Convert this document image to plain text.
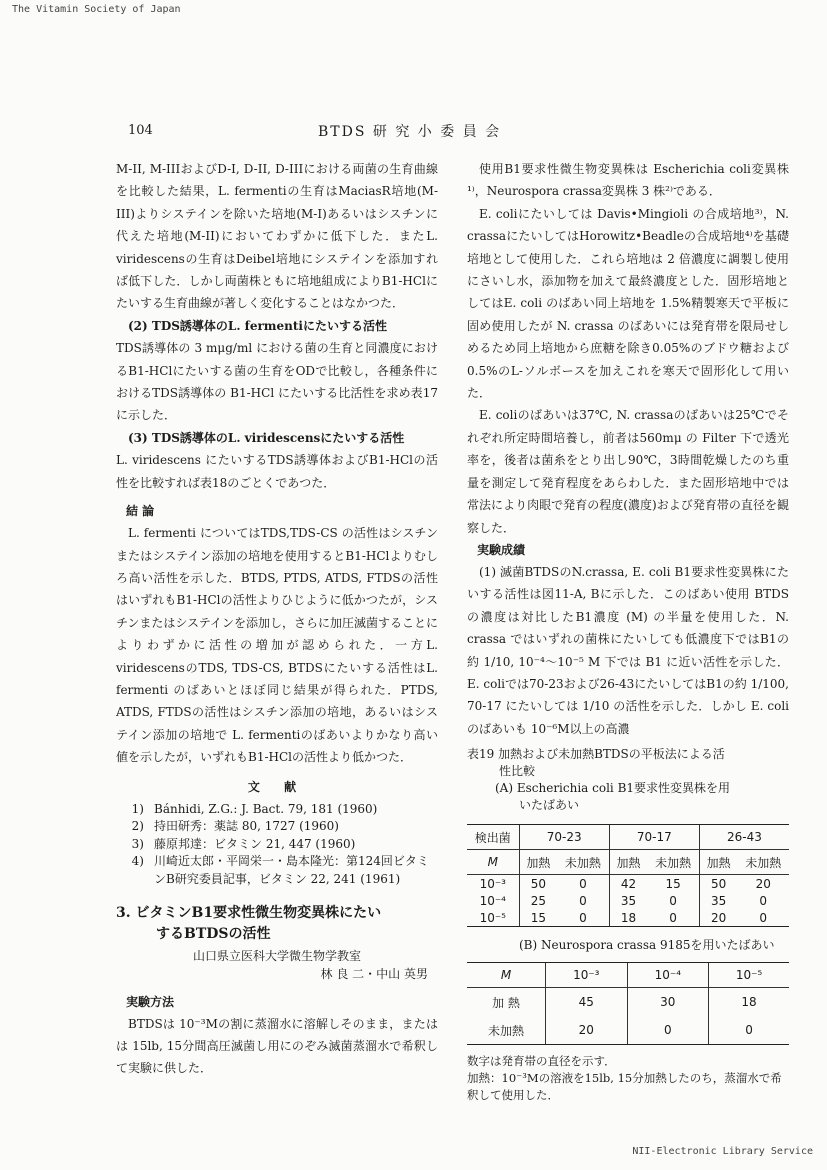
The Vitamin Society of Japan
104	BTDS 研 究 小 委 員 会

M-II, M-IIIおよびD-I, D-II, D-IIIにおける両菌の生育曲線を比較した結果，L. fermentiの生育はMaciasR培地(M-III)よりシステインを除いた培地(M-I)あるいはシスチンに代えた培地(M-II)においてわずかに低下した．またL. viridescensの生育はDeibel培地にシステインを添加すれば低下した．しかし両菌株ともに培地組成によりB1-HClにたいする生育曲線が著しく変化することはなかつた．

(2) TDS誘導体のL. fermentiにたいする活性

TDS誘導体の 3 mμg/ml における菌の生育と同濃度におけるB1-HClにたいする菌の生育をODで比較し，各種条件におけるTDS誘導体の B1-HCl にたいする比活性を求め表17に示した．

(3) TDS誘導体のL. viridescensにたいする活性

L. viridescens にたいするTDS誘導体およびB1-HClの活性を比較すれば表18のごとくであつた．

結 論

L. fermenti についてはTDS,TDS-CS の活性はシスチンまたはシステイン添加の培地を使用するとB1-HClよりむしろ高い活性を示した．BTDS, PTDS, ATDS, FTDSの活性はいずれもB1-HClの活性よりひじように低かつたが，シスチンまたはシステインを添加し，さらに加圧滅菌することによりわずかに活性の増加が認められた．一方L. viridescensのTDS, TDS-CS, BTDSにたいする活性はL. fermenti のばあいとほぼ同じ結果が得られた．PTDS, ATDS, FTDSの活性はシスチン添加の培地，あるいはシステイン添加の培地で L. fermentiのばあいよりかなり高い値を示したが，いずれもB1-HClの活性より低かつた．

文 献

1) Bánhidi, Z.G.: J. Bact. 79, 181 (1960)
2) 持田研秀：薬誌 80, 1727 (1960)
3) 藤原邦達：ビタミン 21, 447 (1960)
4) 川崎近太郎・平岡栄一・島本隆光：第124回ビタミンB研究委員記事，ビタミン 22, 241 (1961)
3. ビタミンB1要求性微生物変異株にたい
するBTDSの活性

山口県立医科大学微生物学教室

林 良 二・中山 英男

実験方法

BTDSは 10⁻³Mの割に蒸溜水に溶解しそのまま，またはは 15lb, 15分間高圧滅菌し用にのぞみ滅菌蒸溜水で希釈して実験に供した．

使用B1要求性微生物変異株は Escherichia coli変異株¹⁾，Neurospora crassa変異株 3 株²⁾である．

E. coliにたいしては Davis•Mingioli の合成培地³⁾，N. crassaにたいしてはHorowitz•Beadleの合成培地⁴⁾を基礎培地として使用した．これら培地は 2 倍濃度に調製し使用にさいし水，添加物を加えて最終濃度とした．固形培地としてはE. coli のばあい同上培地を 1.5%精製寒天で平板に固め使用したが N. crassa のばあいには発育帯を限局せしめるため同上培地から庶糖を除き0.05%のブドウ糖および 0.5%のL-ソルボースを加えこれを寒天で固形化して用いた．

E. coliのばあいは37℃, N. crassaのばあいは25℃でそれぞれ所定時間培養し，前者は560mμ の Filter 下で透光率を，後者は菌糸をとり出し90℃，3時間乾燥したのち重量を測定して発育程度をあらわした．また固形培地中では常法により肉眼で発育の程度(濃度)および発育帯の直径を観察した．

実験成績

(1) 滅菌BTDSのN.crassa, E. coli B1要求性変異株にたいする活性は図11-A, Bに示した．このばあい使用 BTDS の濃度は対比したB1濃度 (M) の半量を使用した．N. crassa ではいずれの菌株にたいしても低濃度下ではB1の約 1/10, 10⁻⁴〜10⁻⁵ M 下では B1 に近い活性を示した．E. coliでは70-23および26-43にたいしてはB1の約 1/100, 70-17 にたいしては 1/10 の活性を示した．しかし E. coli のばあいも 10⁻⁶M以上の高濃

表19 加熱および未加熱BTDSの平板法による活
性比較

(A) Escherichia coli B1要求性変異株を用
いたばあい

検出菌	70-23		70-17		26-43	
M	加熱	未加熱	加熱	未加熱	加熱	未加熱
10⁻³	50	0	42	15	50	20
10⁻⁴	25	0	35	0	35	0
10⁻⁵	15	0	18	0	20	0

(B) Neurospora crassa 9185を用いたばあい

M	10⁻³	10⁻⁴	10⁻⁵
加 熱	45	30	18
未加熱	20	0	0

数字は発育帯の直径を示す．
加熱：10⁻³Mの溶液を15lb, 15分加熱したのち，蒸溜水で希釈して使用した．

NII-Electronic Library Service
